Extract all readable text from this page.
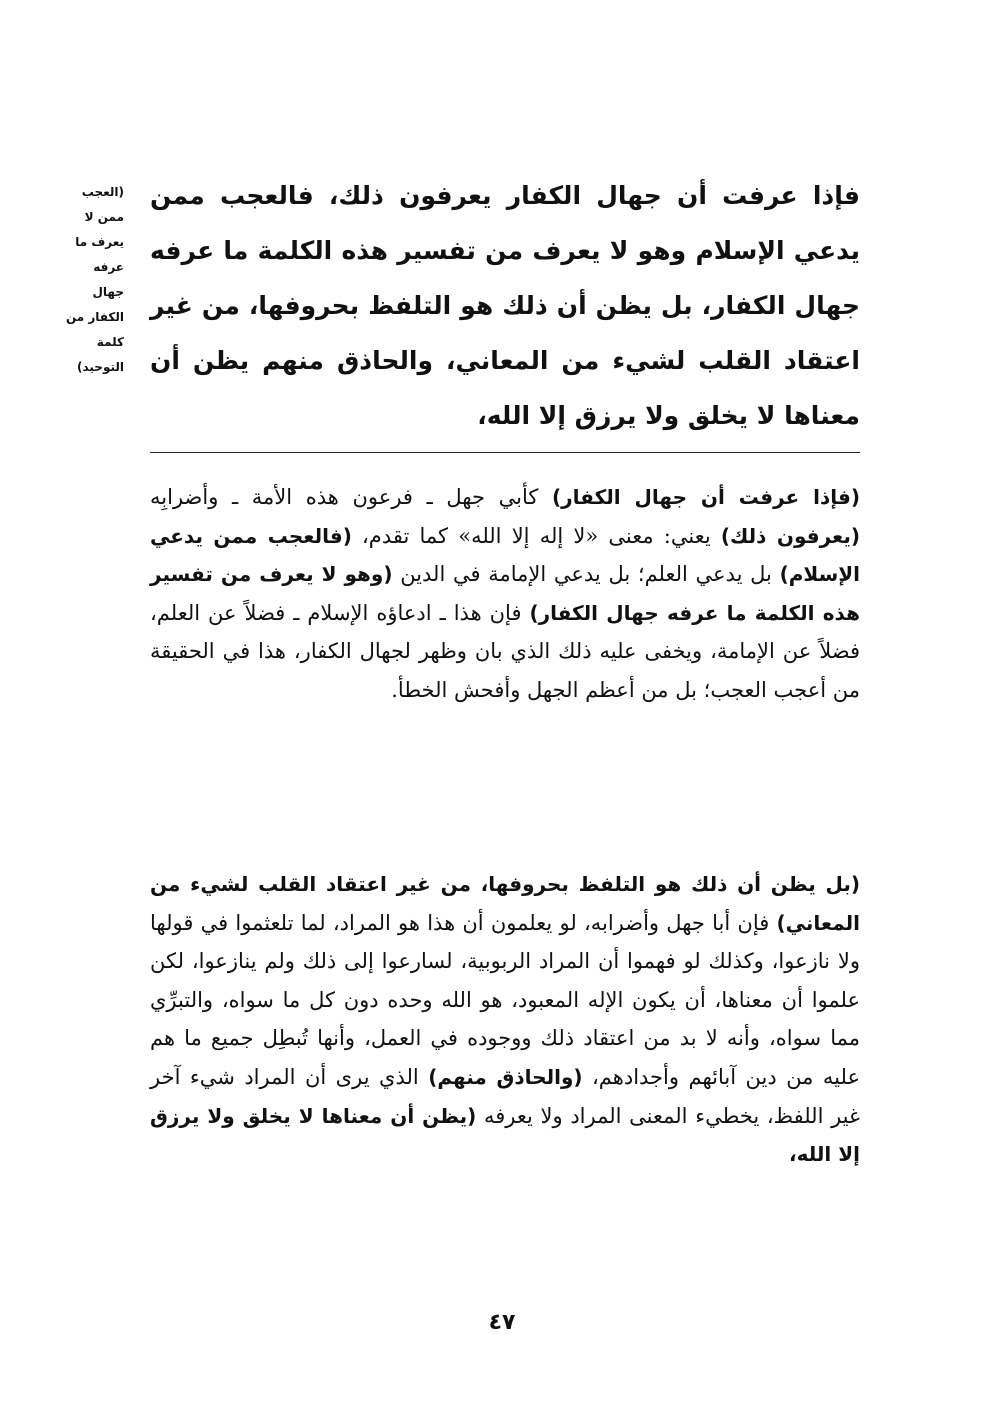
(العجب
ممن لا
يعرف ما
عرفه
جهال
الكفار من
كلمة
التوحيد)

فإذا عرفت أن جهال الكفار يعرفون ذلك، فالعجب ممن يدعي الإسلام وهو لا يعرف من تفسير هذه الكلمة ما عرفه جهال الكفار، بل يظن أن ذلك هو التلفظ بحروفها، من غير اعتقاد القلب لشيء من المعاني، والحاذق منهم يظن أن معناها لا يخلق ولا يرزق إلا الله،

(فإذا عرفت أن جهال الكفار) كأبي جهل ـ فرعون هذه الأمة ـ وأضرابِه (يعرفون ذلك) يعني: معنى «لا إله إلا الله» كما تقدم، (فالعجب ممن يدعي الإسلام) بل يدعي العلم؛ بل يدعي الإمامة في الدين (وهو لا يعرف من تفسير هذه الكلمة ما عرفه جهال الكفار) فإن هذا ـ ادعاؤه الإسلام ـ فضلاً عن العلم، فضلاً عن الإمامة، ويخفى عليه ذلك الذي بان وظهر لجهال الكفار، هذا في الحقيقة من أعجب العجب؛ بل من أعظم الجهل وأفحش الخطأ.

(بل يظن أن ذلك هو التلفظ بحروفها، من غير اعتقاد القلب لشيء من المعاني) فإن أبا جهل وأضرابه، لو يعلمون أن هذا هو المراد، لما تلعثموا في قولها ولا نازعوا، وكذلك لو فهموا أن المراد الربوبية، لسارعوا إلى ذلك ولم ينازعوا، لكن علموا أن معناها، أن يكون الإله المعبود، هو الله وحده دون كل ما سواه، والتبرِّي مما سواه، وأنه لا بد من اعتقاد ذلك ووجوده في العمل، وأنها تُبطِل جميع ما هم عليه من دين آبائهم وأجدادهم، (والحاذق منهم) الذي يرى أن المراد شيء آخر غير اللفظ، يخطيء المعنى المراد ولا يعرفه (يظن أن معناها لا يخلق ولا يرزق إلا الله،

٤٧
